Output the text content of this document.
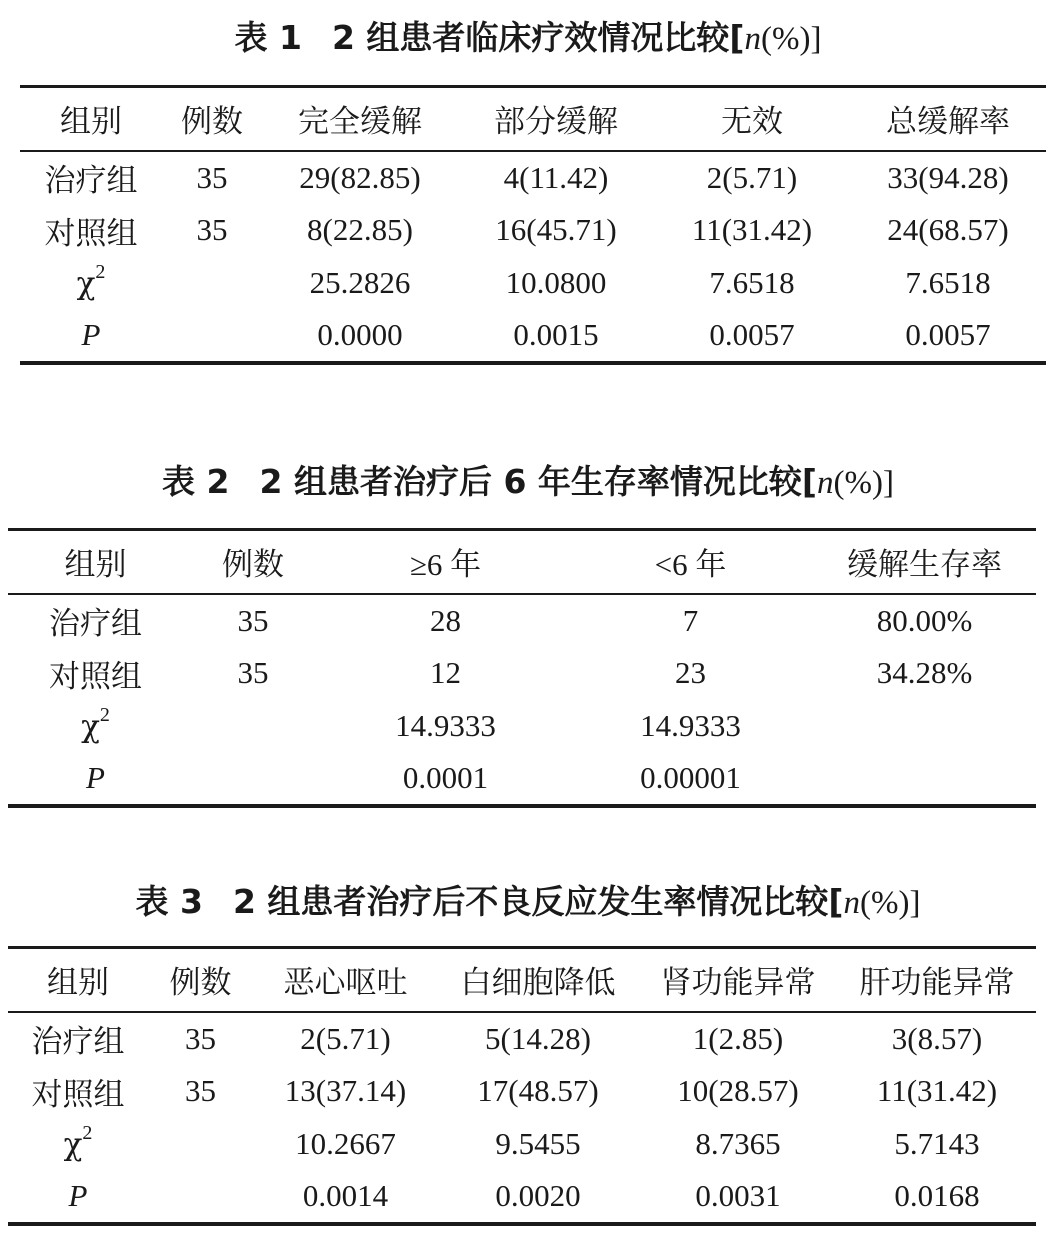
表 1 2 组患者临床疗效情况比较[n(%)]
组别	例数	完全缓解	部分缓解	无效	总缓解率
治疗组	35	29(82.85)	4(11.42)	2(5.71)	33(94.28)
对照组	35	8(22.85)	16(45.71)	11(31.42)	24(68.57)
$\chi^2$		25.2826	10.0800	7.6518	7.6518
P		0.0000	0.0015	0.0057	0.0057
表 2 2 组患者治疗后 6 年生存率情况比较[n(%)]
组别	例数	≥6 年	<6 年	缓解生存率
治疗组	35	28	7	80.00%
对照组	35	12	23	34.28%
$\chi^2$		14.9333	14.9333	
P		0.0001	0.00001	
表 3 2 组患者治疗后不良反应发生率情况比较[n(%)]
组别	例数	恶心呕吐	白细胞降低	肾功能异常	肝功能异常
治疗组	35	2(5.71)	5(14.28)	1(2.85)	3(8.57)
对照组	35	13(37.14)	17(48.57)	10(28.57)	11(31.42)
$\chi^2$		10.2667	9.5455	8.7365	5.7143
P		0.0014	0.0020	0.0031	0.0168
